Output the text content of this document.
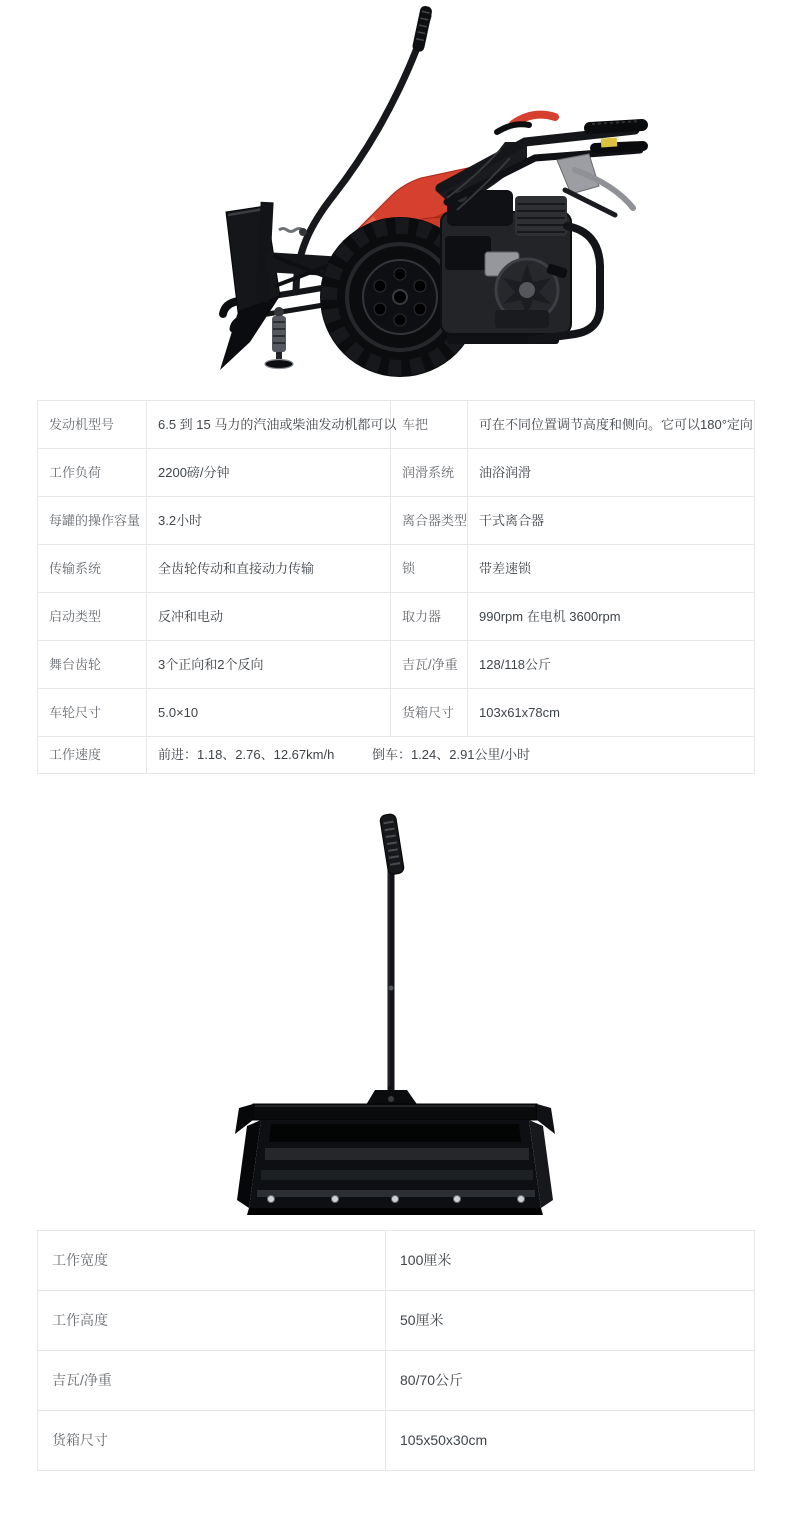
发动机型号	6.5 到 15 马力的汽油或柴油发动机都可以	车把	可在不同位置调节高度和侧向。它可以180°定向
工作负荷	2200磅/分钟	润滑系统	油浴润滑
每罐的操作容量	3.2小时	离合器类型	干式离合器
传输系统	全齿轮传动和直接动力传输	锁	带差速锁
启动类型	反冲和电动	取力器	990rpm 在电机 3600rpm
舞台齿轮	3个正向和2个反向	吉瓦/净重	128/118公斤
车轮尺寸	5.0×10	货箱尺寸	103x61x78cm
工作速度	前进：1.18、2.76、12.67km/h 倒车：1.24、2.91公里/小时		
工作宽度	100厘米
工作高度	50厘米
吉瓦/净重	80/70公斤
货箱尺寸	105x50x30cm
